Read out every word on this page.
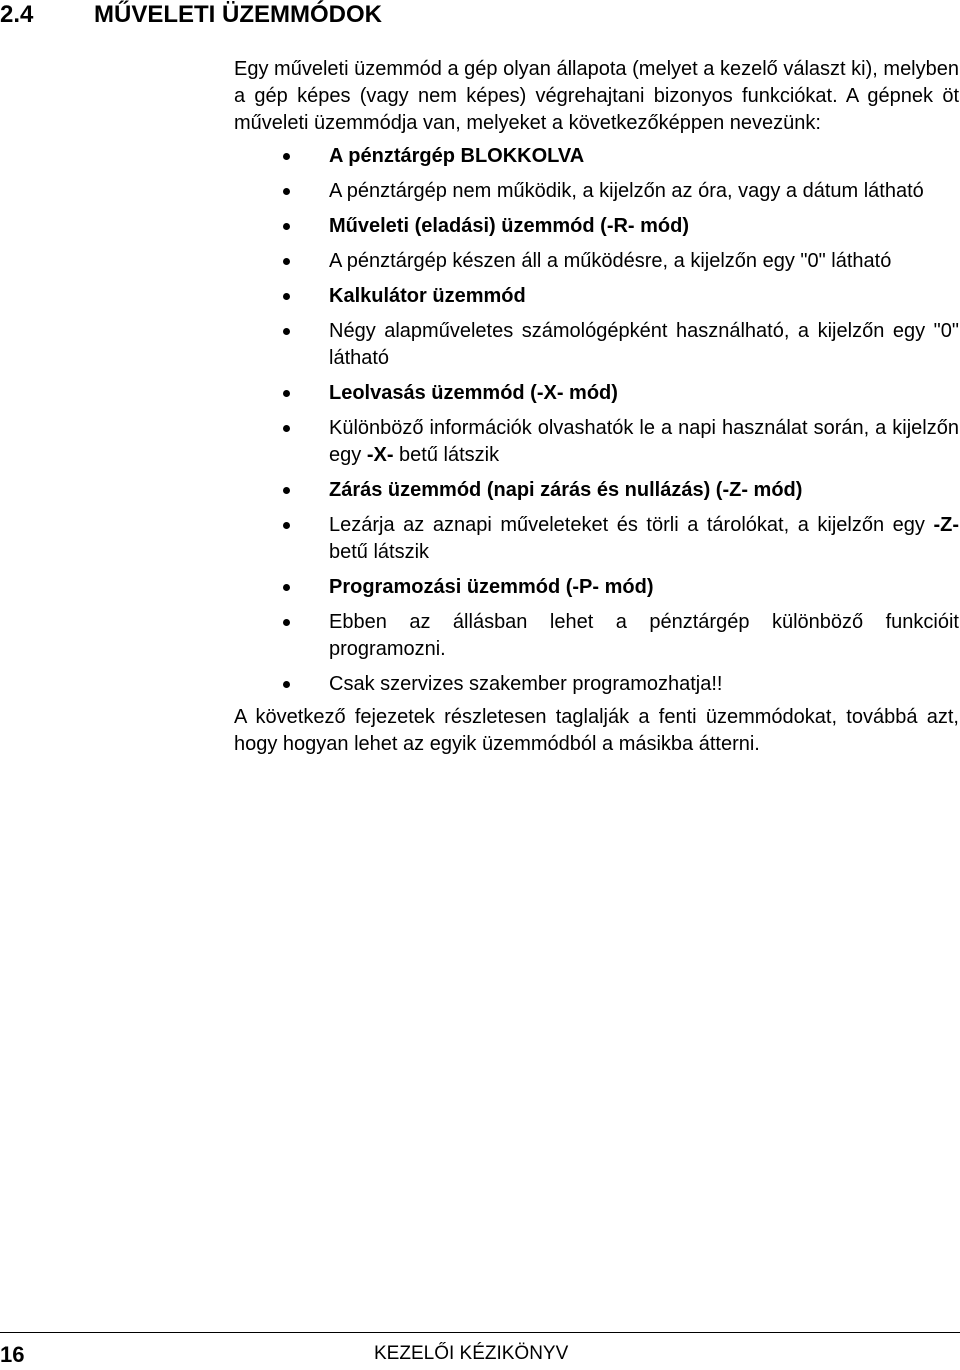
2.4	MŰVELETI ÜZEMMÓDOK

Egy műveleti üzemmód a gép olyan állapota (melyet a kezelő választ ki), melyben a gép képes (vagy nem képes) végrehajtani bizonyos funkciókat. A gépnek öt műveleti üzemmódja van, melyeket a következőképpen nevezünk:

A pénztárgép BLOKKOLVA
A pénztárgép nem működik, a kijelzőn az óra, vagy a dátum látható
Műveleti (eladási) üzemmód (-R- mód)
A pénztárgép készen áll a működésre, a kijelzőn egy "0" látható
Kalkulátor üzemmód
Négy alapműveletes számológépként használható, a kijelzőn egy "0" látható
Leolvasás üzemmód (-X- mód)
Különböző információk olvashatók le a napi használat során, a kijelzőn egy -X- betű látszik
Zárás üzemmód (napi zárás és nullázás) (-Z- mód)
Lezárja az aznapi műveleteket és törli a tárolókat, a kijelzőn egy -Z- betű látszik
Programozási üzemmód (-P- mód)
Ebben az állásban lehet a pénztárgép különböző funkcióit programozni.
Csak szervizes szakember programozhatja!!

A következő fejezetek részletesen taglalják a fenti üzemmódokat, továbbá azt, hogy hogyan lehet az egyik üzemmódból a másikba átterni.

16	KEZELŐI KÉZIKÖNYV
